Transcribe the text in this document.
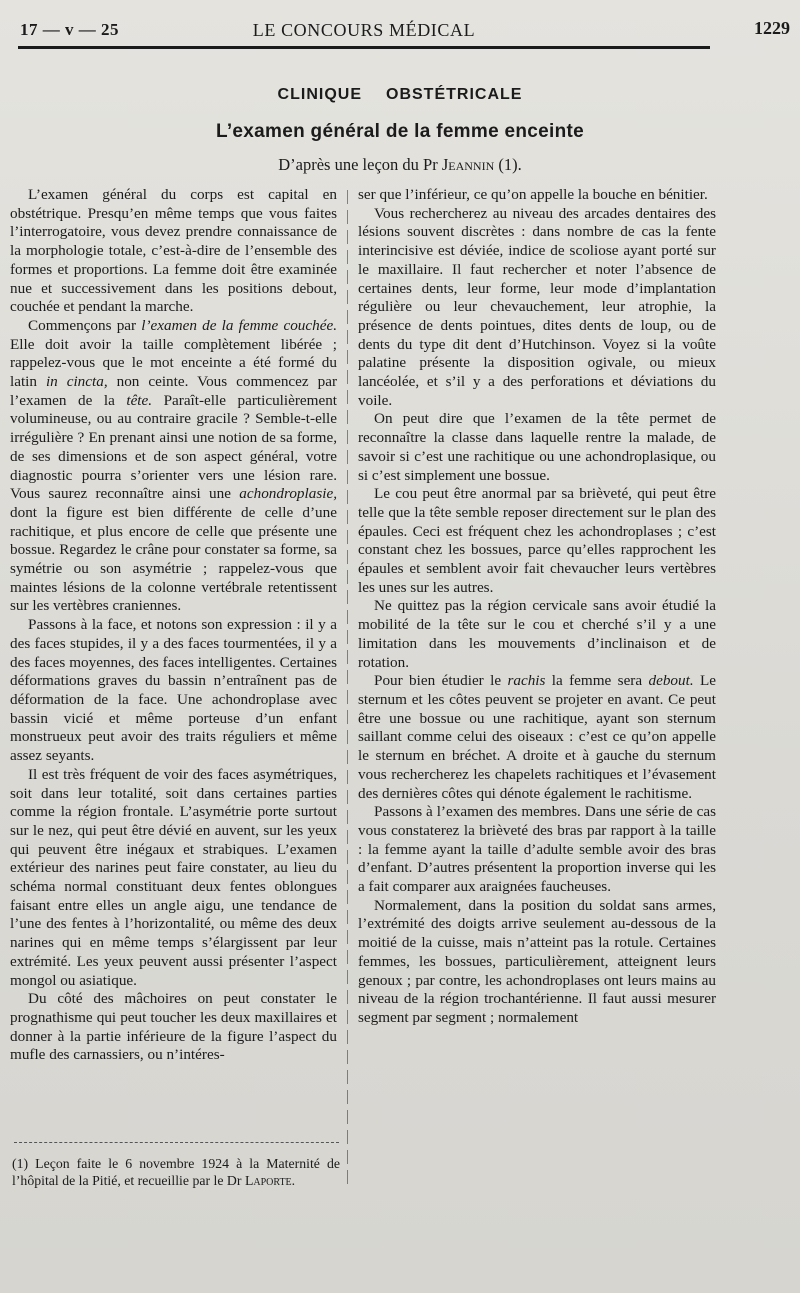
17 — v — 25	LE CONCOURS MÉDICAL	1229
CLINIQUE OBSTÉTRICALE
L’examen général de la femme enceinte
D’après une leçon du Pr Jeannin (1).

L’examen général du corps est capital en obstétrique. Presqu’en même temps que vous faites l’interrogatoire, vous devez prendre connaissance de la morphologie totale, c’est-à-dire de l’ensemble des formes et proportions. La femme doit être examinée nue et successivement dans les positions debout, couchée et pendant la marche.

Commençons par l’examen de la femme couchée. Elle doit avoir la taille complètement libérée ; rappelez-vous que le mot enceinte a été formé du latin in cincta, non ceinte. Vous commencez par l’examen de la tête. Paraît-elle particulièrement volumineuse, ou au contraire gracile ? Semble-t-elle irrégulière ? En prenant ainsi une notion de sa forme, de ses dimensions et de son aspect général, votre diagnostic pourra s’orienter vers une lésion rare. Vous saurez reconnaître ainsi une achondroplasie, dont la figure est bien différente de celle d’une rachitique, et plus encore de celle que présente une bossue. Regardez le crâne pour constater sa forme, sa symétrie ou son asymétrie ; rappelez-vous que maintes lésions de la colonne vertébrale retentissent sur les vertèbres craniennes.

Passons à la face, et notons son expression : il y a des faces stupides, il y a des faces tourmentées, il y a des faces moyennes, des faces intelligentes. Certaines déformations graves du bassin n’entraînent pas de déformation de la face. Une achondroplase avec bassin vicié et même porteuse d’un enfant monstrueux peut avoir des traits réguliers et même assez seyants.

Il est très fréquent de voir des faces asymétriques, soit dans leur totalité, soit dans certaines parties comme la région frontale. L’asymétrie porte surtout sur le nez, qui peut être dévié en auvent, sur les yeux qui peuvent être inégaux et strabiques. L’examen extérieur des narines peut faire constater, au lieu du schéma normal constituant deux fentes oblongues faisant entre elles un angle aigu, une tendance de l’une des fentes à l’horizontalité, ou même des deux narines qui en même temps s’élargissent par leur extrémité. Les yeux peuvent aussi présenter l’aspect mongol ou asiatique.

Du côté des mâchoires on peut constater le prognathisme qui peut toucher les deux maxillaires et donner à la partie inférieure de la figure l’aspect du mufle des carnassiers, ou n’intéres-

ser que l’inférieur, ce qu’on appelle la bouche en bénitier.

Vous rechercherez au niveau des arcades dentaires des lésions souvent discrètes : dans nombre de cas la fente interincisive est déviée, indice de scoliose ayant porté sur le maxillaire. Il faut rechercher et noter l’absence de certaines dents, leur forme, leur mode d’implantation régulière ou leur chevauchement, leur atrophie, la présence de dents pointues, dites dents de loup, ou de dents du type dit dent d’Hutchinson. Voyez si la voûte palatine présente la disposition ogivale, ou mieux lancéolée, et s’il y a des perforations et déviations du voile.

On peut dire que l’examen de la tête permet de reconnaître la classe dans laquelle rentre la malade, de savoir si c’est une rachitique ou une achondroplasique, ou si c’est simplement une bossue.

Le cou peut être anormal par sa brièveté, qui peut être telle que la tête semble reposer directement sur le plan des épaules. Ceci est fréquent chez les achondroplases ; c’est constant chez les bossues, parce qu’elles rapprochent les épaules et semblent avoir fait chevaucher leurs vertèbres les unes sur les autres.

Ne quittez pas la région cervicale sans avoir étudié la mobilité de la tête sur le cou et cherché s’il y a une limitation dans les mouvements d’inclinaison et de rotation.

Pour bien étudier le rachis la femme sera debout. Le sternum et les côtes peuvent se projeter en avant. Ce peut être une bossue ou une rachitique, ayant son sternum saillant comme celui des oiseaux : c’est ce qu’on appelle le sternum en bréchet. A droite et à gauche du sternum vous rechercherez les chapelets rachitiques et l’évasement des dernières côtes qui dénote également le rachitisme.

Passons à l’examen des membres. Dans une série de cas vous constaterez la brièveté des bras par rapport à la taille : la femme ayant la taille d’adulte semble avoir des bras d’enfant. D’autres présentent la proportion inverse qui les a fait comparer aux araignées faucheuses.

Normalement, dans la position du soldat sans armes, l’extrémité des doigts arrive seulement au-dessous de la moitié de la cuisse, mais n’atteint pas la rotule. Certaines femmes, les bossues, particulièrement, atteignent leurs genoux ; par contre, les achondroplases ont leurs mains au niveau de la région trochantérienne. Il faut aussi mesurer segment par segment ; normalement

(1) Leçon faite le 6 novembre 1924 à la Maternité de l’hôpital de la Pitié, et recueillie par le Dr Laporte.
